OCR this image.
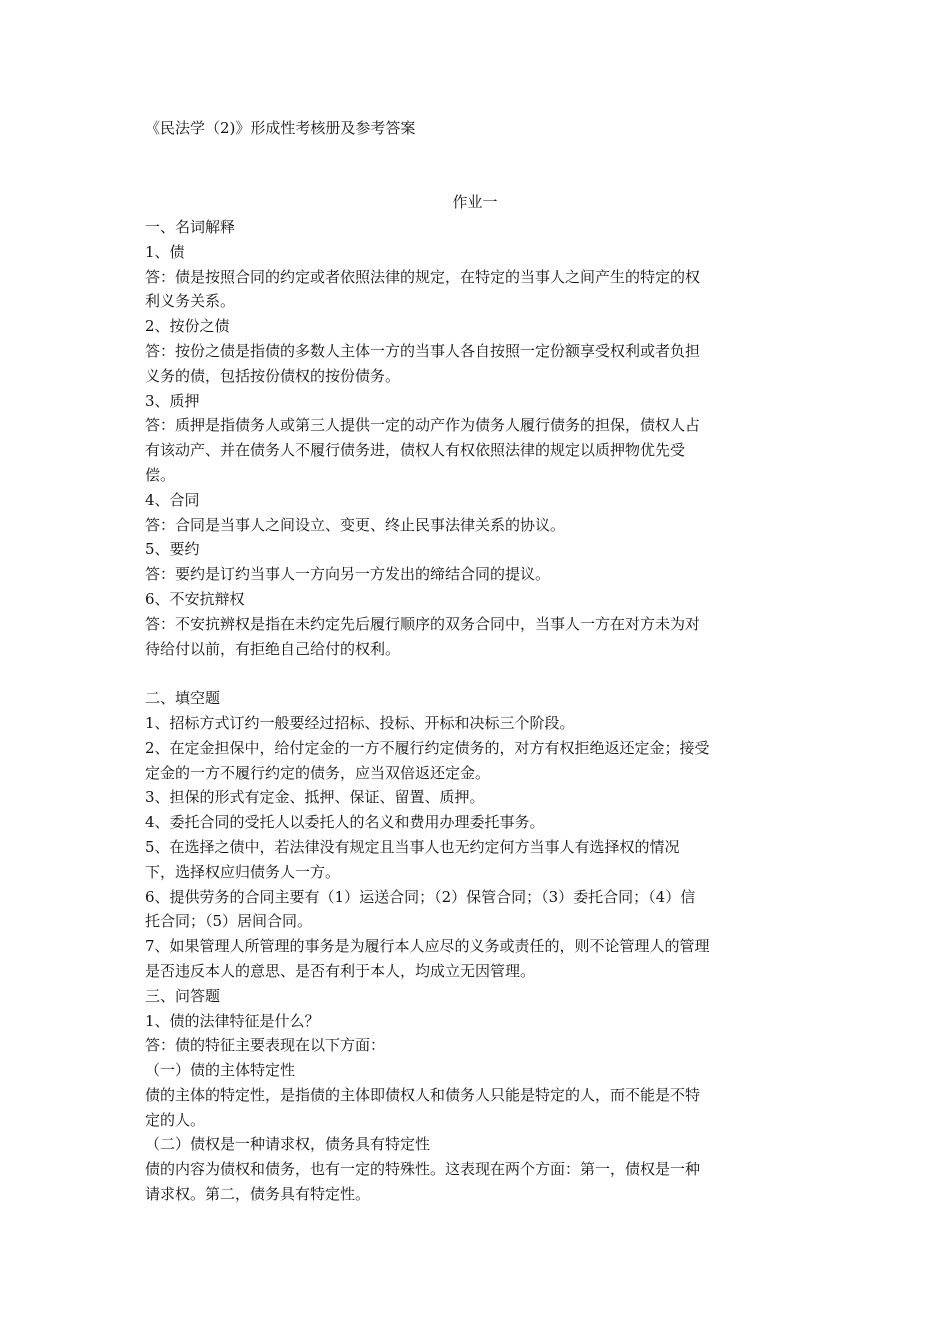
《民法学（2)》形成性考核册及参考答案
作业一
一、名词解释
1、债
答：债是按照合同的约定或者依照法律的规定，在特定的当事人之间产生的特定的权
利义务关系。
2、按份之债
答：按份之债是指债的多数人主体一方的当事人各自按照一定份额享受权利或者负担
义务的债，包括按份债权的按份债务。
3、质押
答：质押是指债务人或第三人提供一定的动产作为债务人履行债务的担保，债权人占
有该动产、并在债务人不履行债务进，债权人有权依照法律的规定以质押物优先受
偿。
4、合同
答：合同是当事人之间设立、变更、终止民事法律关系的协议。
5、要约
答：要约是订约当事人一方向另一方发出的缔结合同的提议。
6、不安抗辩权
答：不安抗辨权是指在未约定先后履行顺序的双务合同中，当事人一方在对方未为对
待给付以前，有拒绝自己给付的权利。
二、填空题
1、招标方式订约一般要经过招标、投标、开标和决标三个阶段。
2、在定金担保中，给付定金的一方不履行约定债务的，对方有权拒绝返还定金；接受
定金的一方不履行约定的债务，应当双倍返还定金。
3、担保的形式有定金、抵押、保证、留置、质押。
4、委托合同的受托人以委托人的名义和费用办理委托事务。
5、在选择之债中，若法律没有规定且当事人也无约定何方当事人有选择权的情况
下，选择权应归债务人一方。
6、提供劳务的合同主要有（1）运送合同；（2）保管合同；（3）委托合同；（4）信
托合同；（5）居间合同。
7、如果管理人所管理的事务是为履行本人应尽的义务或责任的，则不论管理人的管理
是否违反本人的意思、是否有利于本人，均成立无因管理。
三、问答题
1、债的法律特征是什么？
答：债的特征主要表现在以下方面：
（一）债的主体特定性
债的主体的特定性，是指债的主体即债权人和债务人只能是特定的人，而不能是不特
定的人。
（二）债权是一种请求权，债务具有特定性
债的内容为债权和债务，也有一定的特殊性。这表现在两个方面：第一，债权是一种
请求权。第二，债务具有特定性。
